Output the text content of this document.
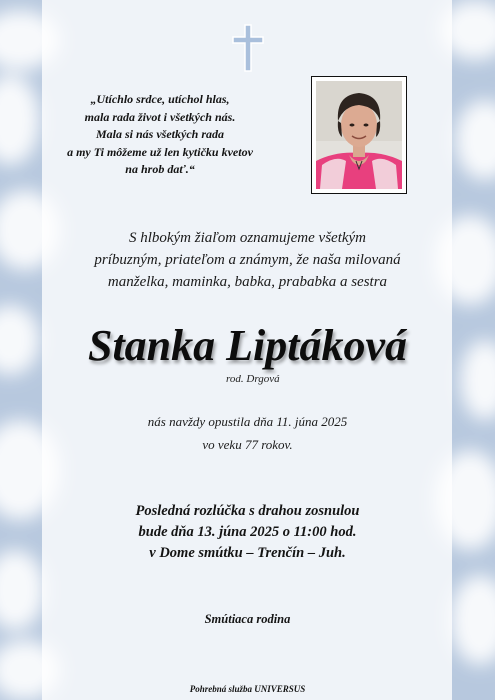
„Utíchlo srdce, utíchol hlas,
mala rada život i všetkých nás.
Mala si nás všetkých rada
a my Ti môžeme už len kytičku kvetov
na hrob dať.“
S hlbokým žiaľom oznamujeme všetkým
príbuzným, priateľom a známym, že naša milovaná
manželka, maminka, babka, prababka a sestra
Stanka Liptáková
rod. Drgová
nás navždy opustila dňa 11. júna 2025
vo veku 77 rokov.
Posledná rozlúčka s drahou zosnulou
bude dňa 13. júna 2025 o 11:00 hod.
v Dome smútku – Trenčín – Juh.
Smútiaca rodina
Pohrebná služba UNIVERSUS
